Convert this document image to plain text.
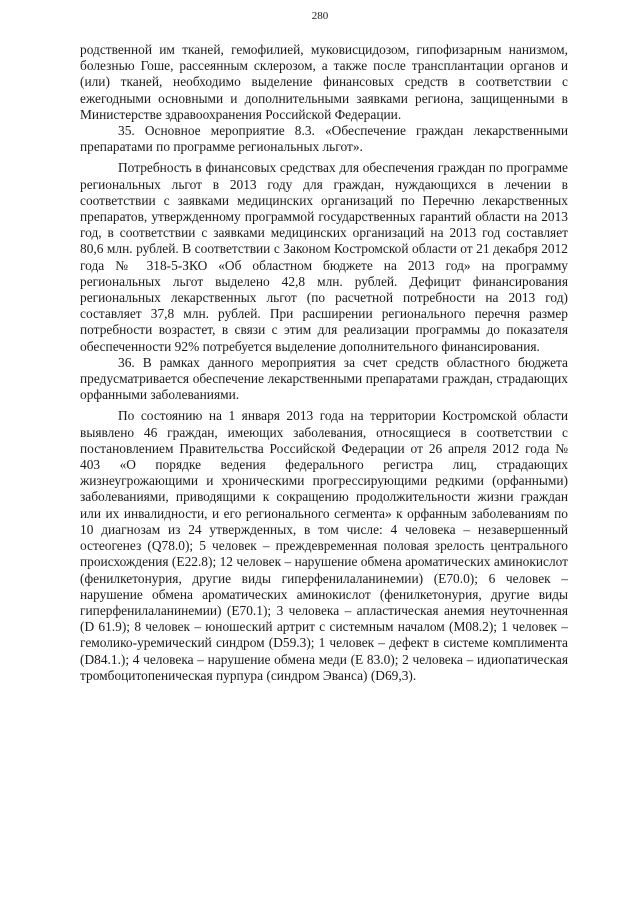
280

родственной им тканей, гемофилией, муковисцидозом, гипофизарным нанизмом, болезнью Гоше, рассеянным склерозом, а также после трансплантации органов и (или) тканей, необходимо выделение финансовых средств в соответствии с ежегодными основными и дополнительными заявками региона, защищенными в Министерстве здравоохранения Российской Федерации.

35. Основное мероприятие 8.3. «Обеспечение граждан лекарственными препаратами по программе региональных льгот».

Потребность в финансовых средствах для обеспечения граждан по программе региональных льгот в 2013 году для граждан, нуждающихся в лечении в соответствии с заявками медицинских организаций по Перечню лекарственных препаратов, утвержденному программой государственных гарантий области на 2013 год, в соответствии с заявками медицинских организаций на 2013 год составляет 80,6 млн. рублей. В соответствии с Законом Костромской области от 21 декабря 2012 года № 318-5-ЗКО «Об областном бюджете на 2013 год» на программу региональных льгот выделено 42,8 млн. рублей. Дефицит финансирования региональных лекарственных льгот (по расчетной потребности на 2013 год) составляет 37,8 млн. рублей. При расширении регионального перечня размер потребности возрастет, в связи с этим для реализации программы до показателя обеспеченности 92% потребуется выделение дополнительного финансирования.

36. В рамках данного мероприятия за счет средств областного бюджета предусматривается обеспечение лекарственными препаратами граждан, страдающих орфанными заболеваниями.

По состоянию на 1 января 2013 года на территории Костромской области выявлено 46 граждан, имеющих заболевания, относящиеся в соответствии с постановлением Правительства Российской Федерации от 26 апреля 2012 года № 403 «О порядке ведения федерального регистра лиц, страдающих жизнеугрожающими и хроническими прогрессирующими редкими (орфанными) заболеваниями, приводящими к сокращению продолжительности жизни граждан или их инвалидности, и его регионального сегмента» к орфанным заболеваниям по 10 диагнозам из 24 утвержденных, в том числе: 4 человека – незавершенный остеогенез (Q78.0); 5 человек – преждевременная половая зрелость центрального происхождения (E22.8); 12 человек – нарушение обмена ароматических аминокислот (фенилкетонурия, другие виды гиперфенилаланинемии) (E70.0); 6 человек – нарушение обмена ароматических аминокислот (фенилкетонурия, другие виды гиперфенилаланинемии) (E70.1); 3 человека – апластическая анемия неуточненная (D 61.9); 8 человек – юношеский артрит с системным началом (M08.2); 1 человек – гемолико-уремический синдром (D59.3); 1 человек – дефект в системе комплимента (D84.1.); 4 человека – нарушение обмена меди (E 83.0); 2 человека – идиопатическая тромбоцитопеническая пурпура (синдром Эванса) (D69,3).
